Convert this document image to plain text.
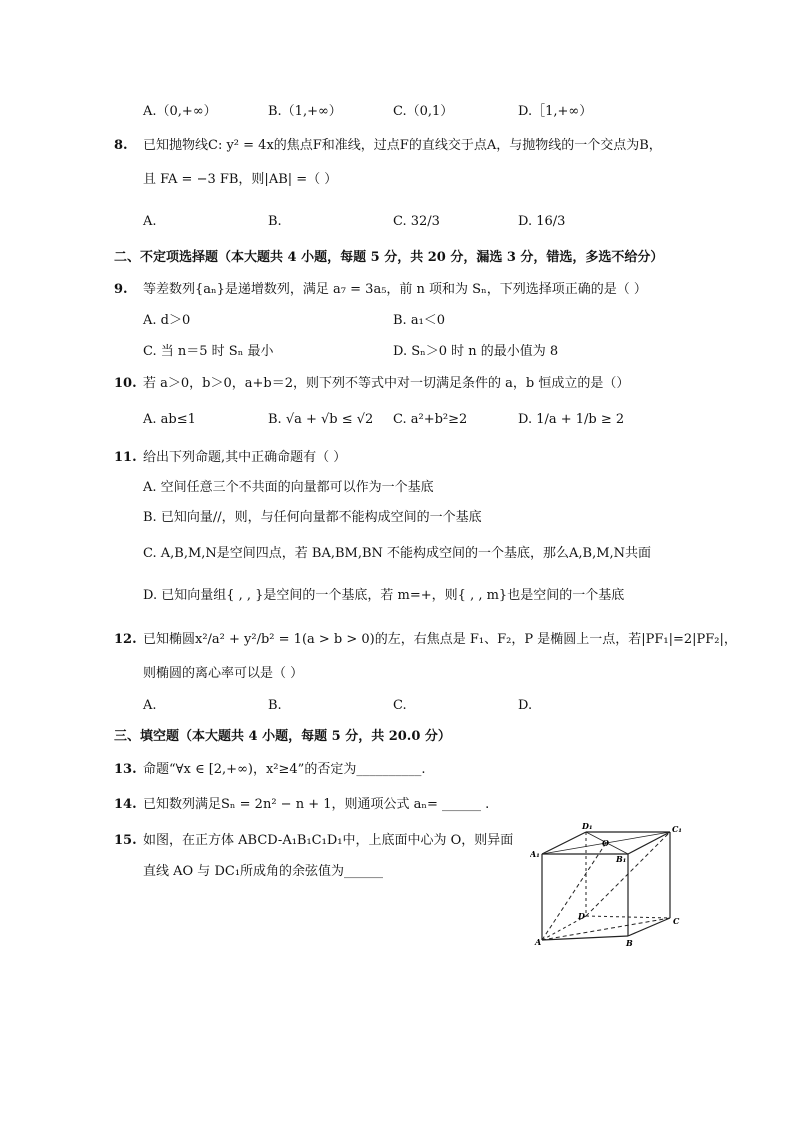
A.（0,+∞）	B.（1,+∞）	C.（0,1）	D.［1,+∞）
8. 已知抛物线C: y² = 4x的焦点F和准线，过点F的直线交于点A，与抛物线的一个交点为B，
且 FA = −3 FB，则|AB| =（ ）
A.	B.	C. 32/3	D. 16/3
二、不定项选择题（本大题共 4 小题，每题 5 分，共 20 分，漏选 3 分，错选，多选不给分）
9. 等差数列{aₙ}是递增数列，满足 a₇ = 3a₅，前 n 项和为 Sₙ，下列选择项正确的是（ ）
A. d＞0	B. a₁＜0
C. 当 n＝5 时 Sₙ 最小	D. Sₙ＞0 时 n 的最小值为 8
10. 若 a＞0，b＞0，a+b＝2，则下列不等式中对一切满足条件的 a，b 恒成立的是（）
A. ab≤1	B. √a + √b ≤ √2 C. a²+b²≥2	D. 1/a + 1/b ≥ 2
11. 给出下列命题,其中正确命题有（ ）
A. 空间任意三个不共面的向量都可以作为一个基底
B. 已知向量//，则，与任何向量都不能构成空间的一个基底
C. A,B,M,N是空间四点，若 BA,BM,BN 不能构成空间的一个基底，那么A,B,M,N共面
D. 已知向量组{ , , }是空间的一个基底，若 m=+，则{ , , m}也是空间的一个基底
12. 已知椭圆x²/a² + y²/b² = 1(a > b > 0)的左，右焦点是 F₁、F₂，P 是椭圆上一点，若|PF₁|=2|PF₂|，
则椭圆的离心率可以是（ ）
A.	B.	C.	D.
三、填空题（本大题共 4 小题，每题 5 分，共 20.0 分）
13. 命题“∀x ∈ [2,+∞)，x²≥4”的否定为__________.
14. 已知数列满足Sₙ = 2n² − n + 1，则通项公式 aₙ= ______ .
15. 如图，在正方体 ABCD-A₁B₁C₁D₁中，上底面中心为 O，则异面
直线 AO 与 DC₁所成角的余弦值为______
D₁	C₁
A₁
O
B₁
D	C
A	B
